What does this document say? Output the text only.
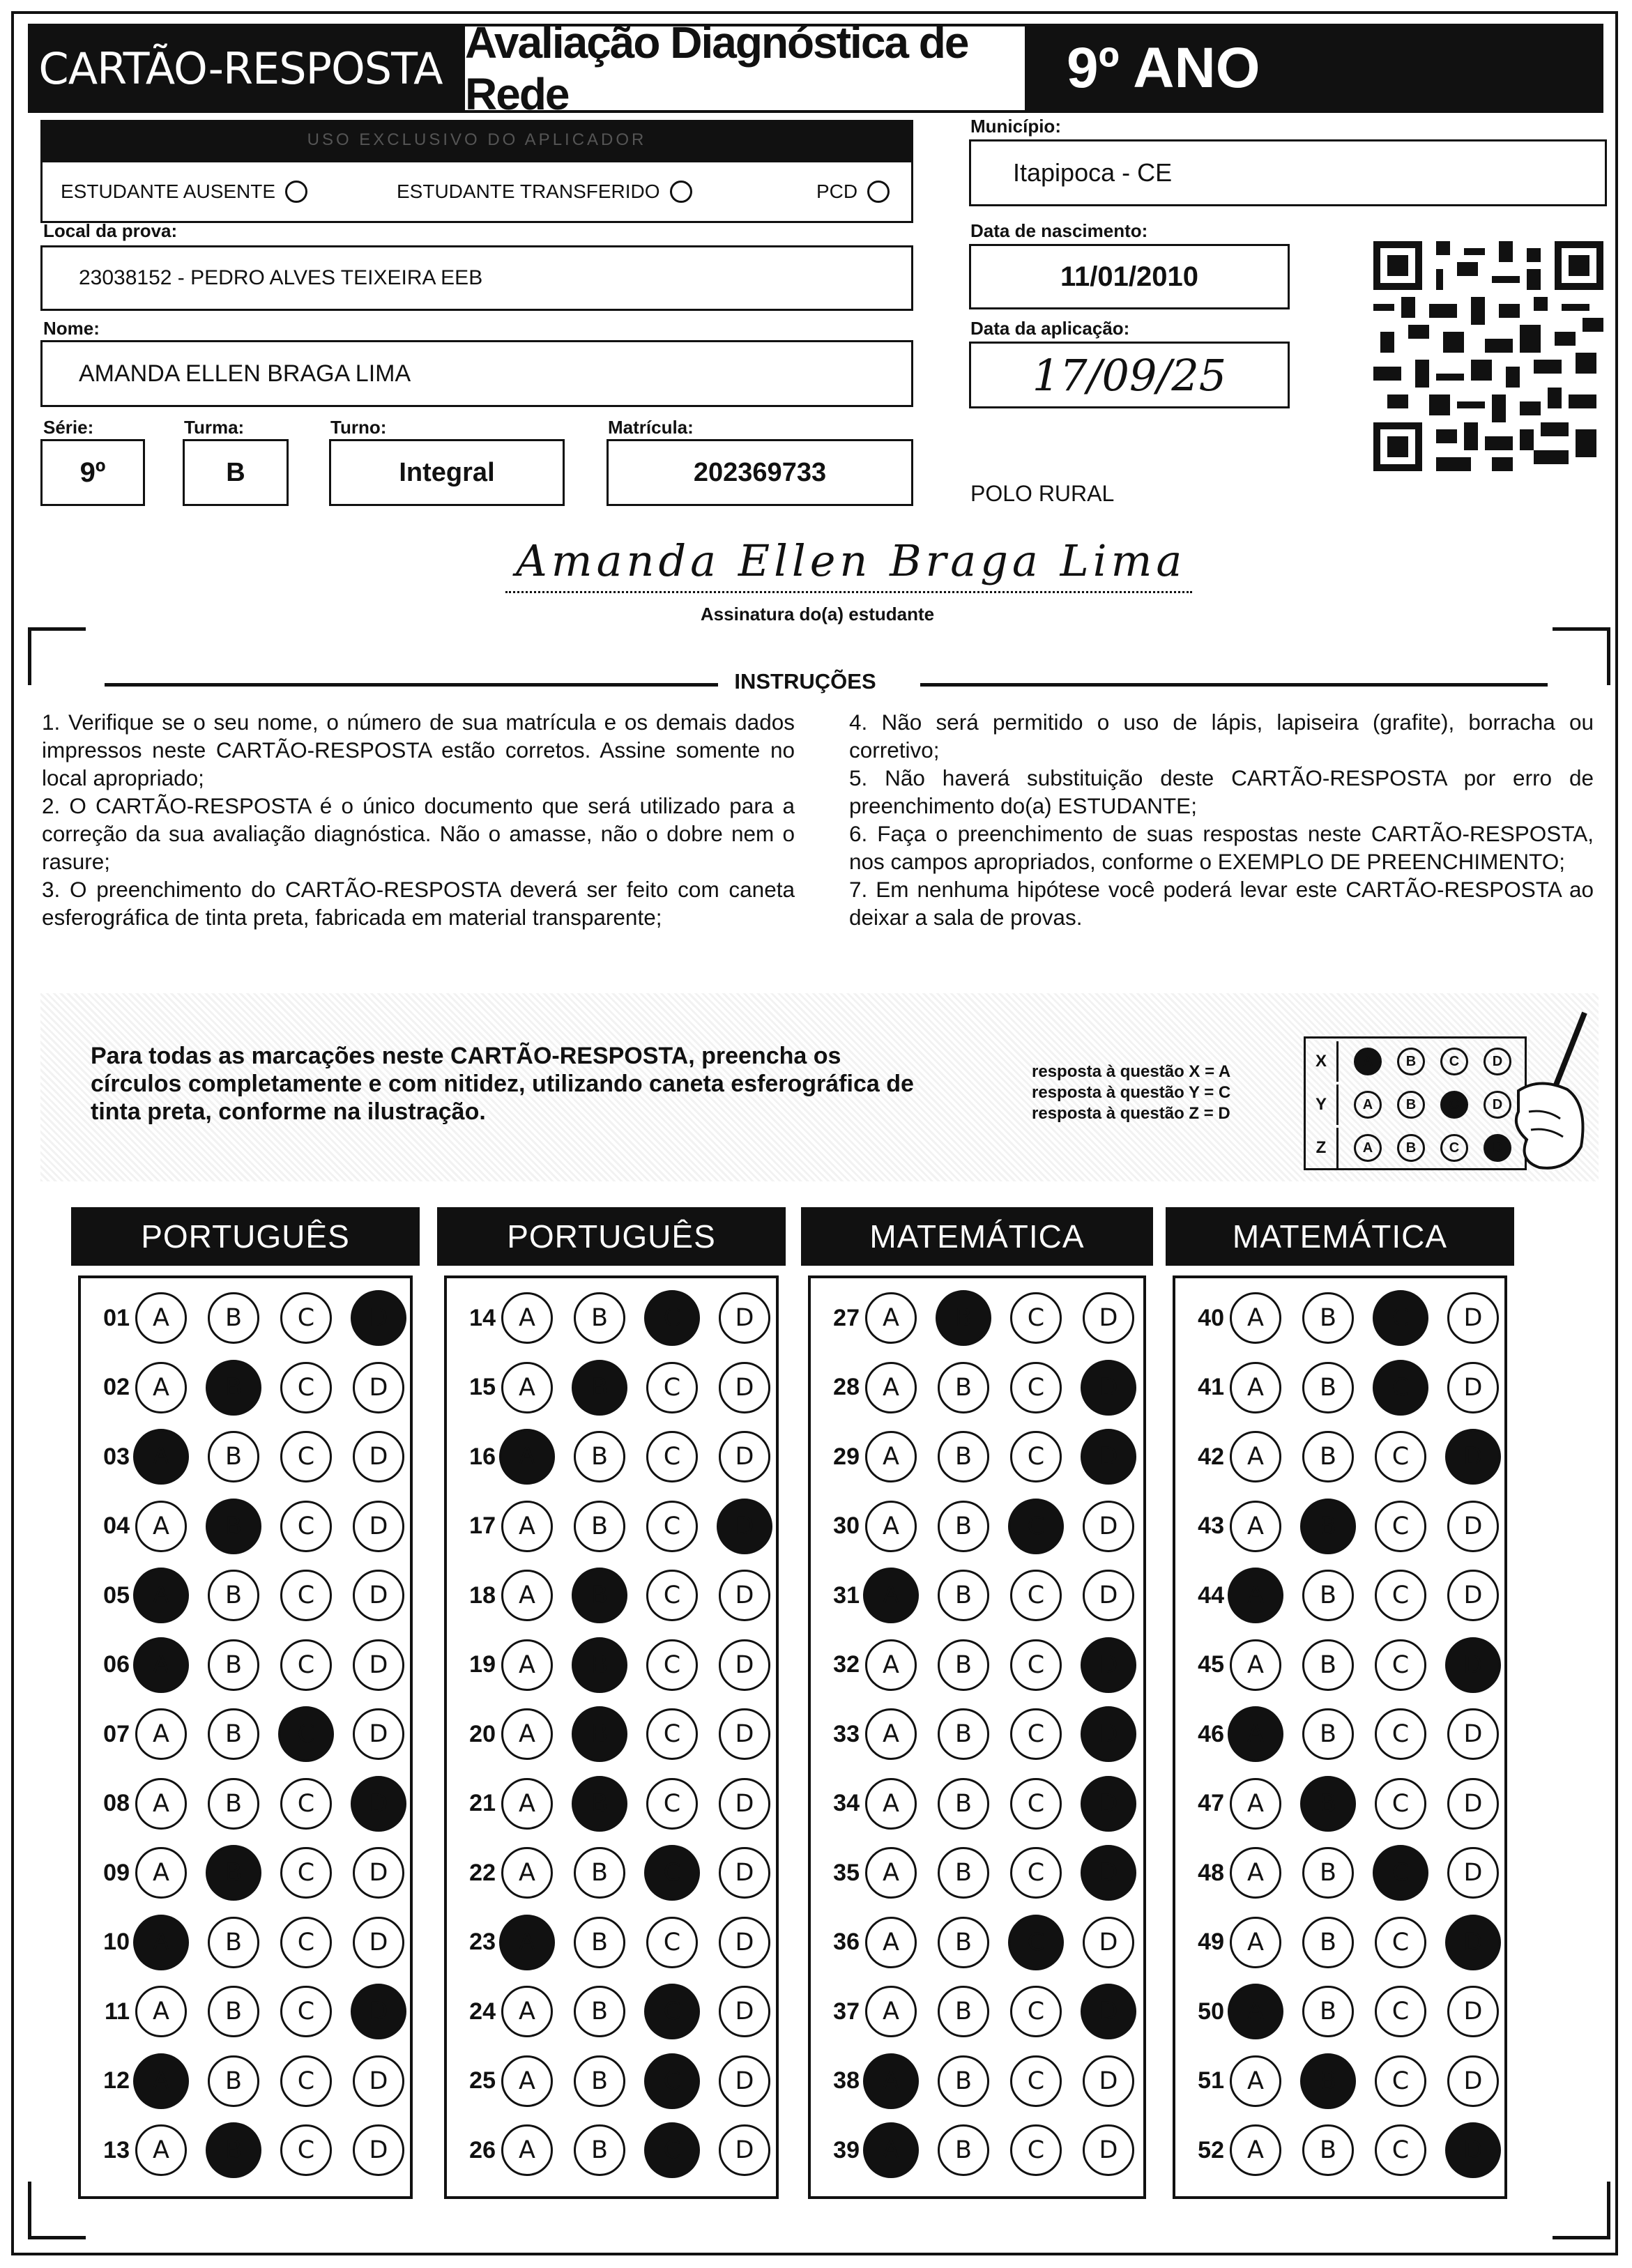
CARTÃO-RESPOSTA
Avaliação Diagnóstica de Rede	9º ANO
USO EXCLUSIVO DO APLICADOR
ESTUDANTE AUSENTE	ESTUDANTE TRANSFERIDO	PCD
Município:
Itapipoca - CE
Local da prova:
23038152 - PEDRO ALVES TEIXEIRA EEB
Data de nascimento:
11/01/2010
Data da aplicação:
17/09/25
Nome:
AMANDA ELLEN BRAGA LIMA
Série:
9º
Turma:
B
Turno:
Integral
Matrícula:
202369733
POLO RURAL
Amanda Ellen Braga Lima
Assinatura do(a) estudante
INSTRUÇÕES
1. Verifique se o seu nome, o número de sua matrícula e os demais dados impressos neste CARTÃO-RESPOSTA estão corretos. Assine somente no local apropriado;
2. O CARTÃO-RESPOSTA é o único documento que será utilizado para a correção da sua avaliação diagnóstica. Não o amasse, não o dobre nem o rasure;
3. O preenchimento do CARTÃO-RESPOSTA deverá ser feito com caneta esferográfica de tinta preta, fabricada em material transparente;
4. Não será permitido o uso de lápis, lapiseira (grafite), borracha ou corretivo;
5. Não haverá substituição deste CARTÃO-RESPOSTA por erro de preenchimento do(a) ESTUDANTE;
6. Faça o preenchimento de suas respostas neste CARTÃO-RESPOSTA, nos campos apropriados, conforme o EXEMPLO DE PREENCHIMENTO;
7. Em nenhuma hipótese você poderá levar este CARTÃO-RESPOSTA ao deixar a sala de provas.
Para todas as marcações neste CARTÃO-RESPOSTA, preencha os círculos completamente e com nitidez, utilizando caneta esferográfica de tinta preta, conforme na ilustração.
resposta à questão X = A
resposta à questão Y = C
resposta à questão Z = D
X	A	B	C	D
Y	A	B	C	D
Z	A	B	C	D
PORTUGUÊS
01 A	B	C	D
02 A	B	C	D
03 A	B	C	D
04 A	B	C	D
05 A	B	C	D
06 A	B	C	D
07 A	B	C	D
08 A	B	C	D
09 A	B	C	D
10 A	B	C	D
11 A	B	C	D
12 A	B	C	D
13 A	B	C	D
PORTUGUÊS
14 A	B	C	D
15 A	B	C	D
16 A	B	C	D
17 A	B	C	D
18 A	B	C	D
19 A	B	C	D
20 A	B	C	D
21 A	B	C	D
22 A	B	C	D
23 A	B	C	D
24 A	B	C	D
25 A	B	C	D
26 A	B	C	D
MATEMÁTICA
27 A	B	C	D
28 A	B	C	D
29 A	B	C	D
30 A	B	C	D
31 A	B	C	D
32 A	B	C	D
33 A	B	C	D
34 A	B	C	D
35 A	B	C	D
36 A	B	C	D
37 A	B	C	D
38 A	B	C	D
39 A	B	C	D
MATEMÁTICA
40 A	B	C	D
41 A	B	C	D
42 A	B	C	D
43 A	B	C	D
44 A	B	C	D
45 A	B	C	D
46 A	B	C	D
47 A	B	C	D
48 A	B	C	D
49 A	B	C	D
50 A	B	C	D
51 A	B	C	D
52 A	B	C	D
